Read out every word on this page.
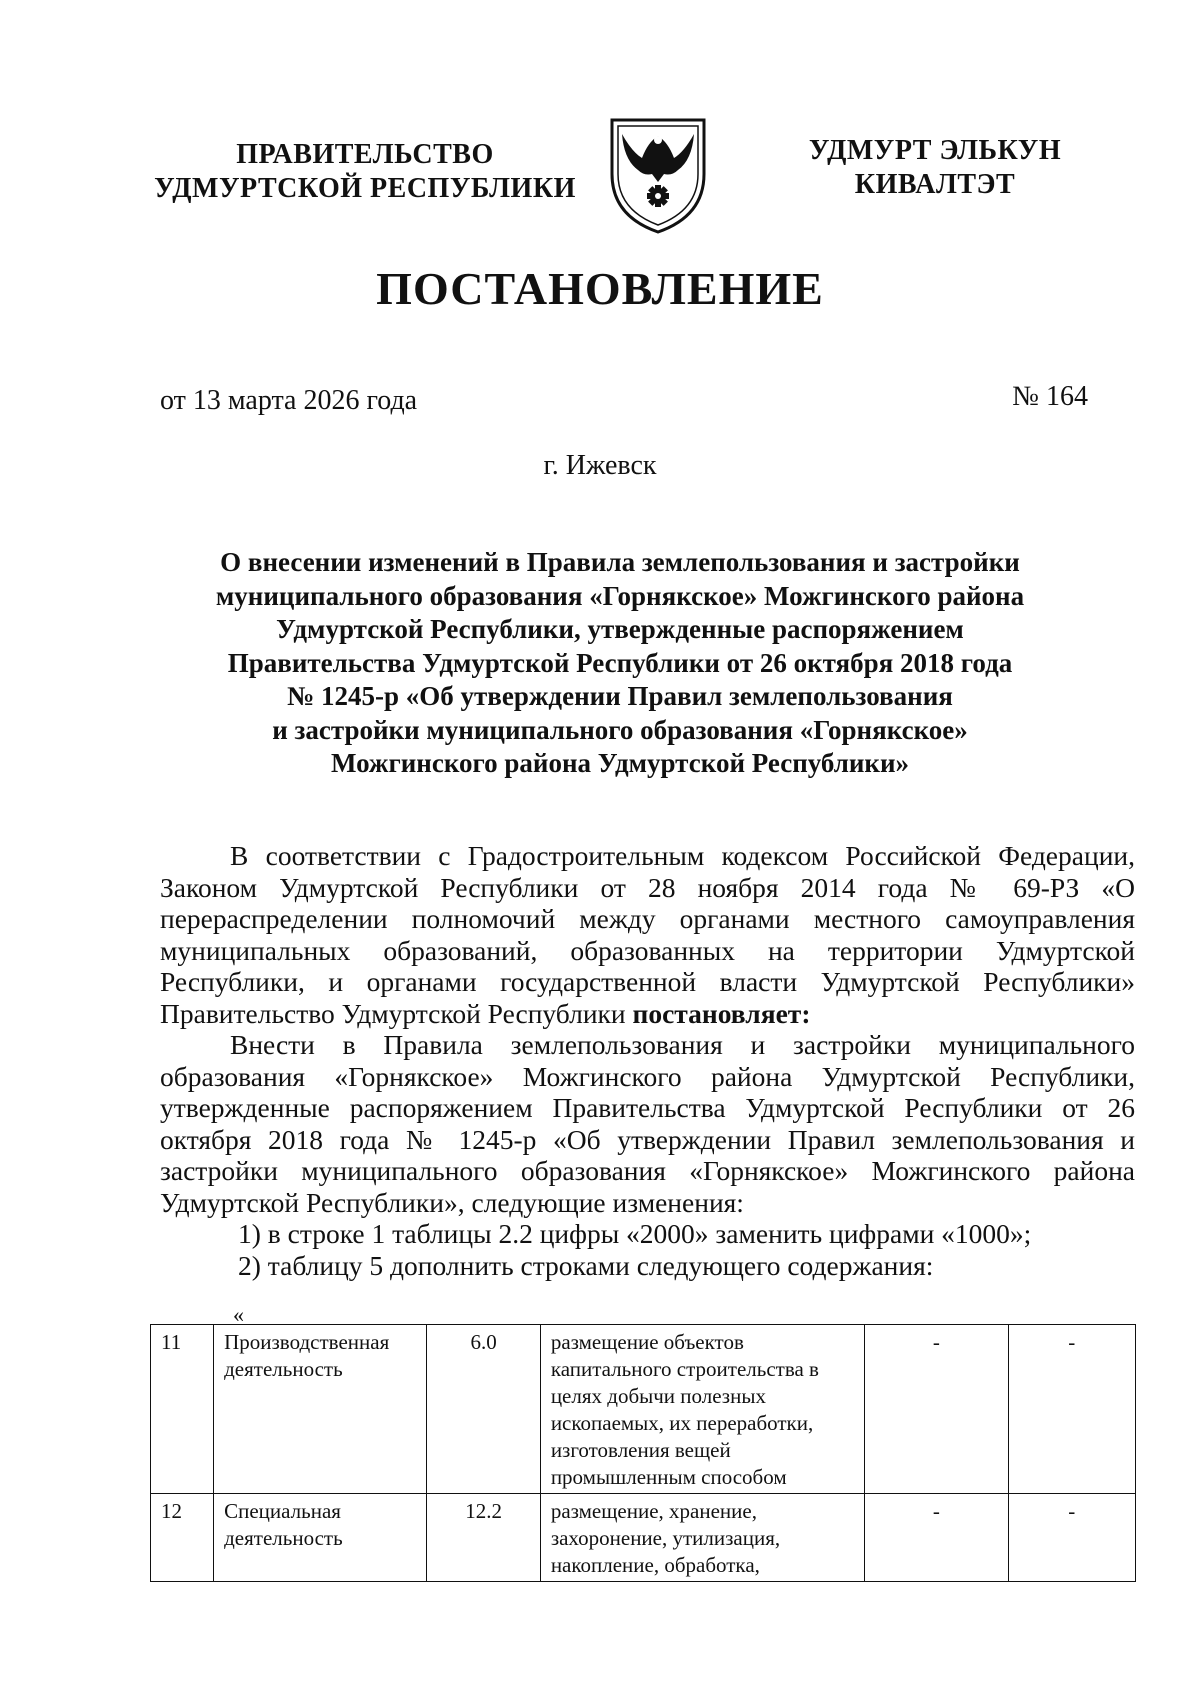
ПРАВИТЕЛЬСТВО
УДМУРТСКОЙ РЕСПУБЛИКИ
УДМУРТ ЭЛЬКУН
КИВАЛТЭТ
ПОСТАНОВЛЕНИЕ
от 13 марта 2026 года	№ 164
г. Ижевск
О внесении изменений в Правила землепользования и застройки
муниципального образования «Горнякское» Можгинского района
Удмуртской Республики, утвержденные распоряжением
Правительства Удмуртской Республики от 26 октября 2018 года
№ 1245-р «Об утверждении Правил землепользования
и застройки муниципального образования «Горнякское»
Можгинского района Удмуртской Республики»

В соответствии с Градостроительным кодексом Российской Федерации, Законом Удмуртской Республики от 28 ноября 2014 года № 69-РЗ «О перераспределении полномочий между органами местного самоуправления муниципальных образований, образованных на территории Удмуртской Республики, и органами государственной власти Удмуртской Республики» Правительство Удмуртской Республики постановляет:

Внести в Правила землепользования и застройки муниципального образования «Горнякское» Можгинского района Удмуртской Республики, утвержденные распоряжением Правительства Удмуртской Республики от 26 октября 2018 года № 1245-р «Об утверждении Правил землепользования и застройки муниципального образования «Горнякское» Можгинского района Удмуртской Республики», следующие изменения:

1) в строке 1 таблицы 2.2 цифры «2000» заменить цифрами «1000»;

2) таблицу 5 дополнить строками следующего содержания:

«
11	Производственная деятельность	6.0	размещение объектов капитального строительства в целях добычи полезных ископаемых, их переработки, изготовления вещей промышленным способом	-	-
12	Специальная деятельность	12.2	размещение, хранение, захоронение, утилизация, накопление, обработка,	-	-
